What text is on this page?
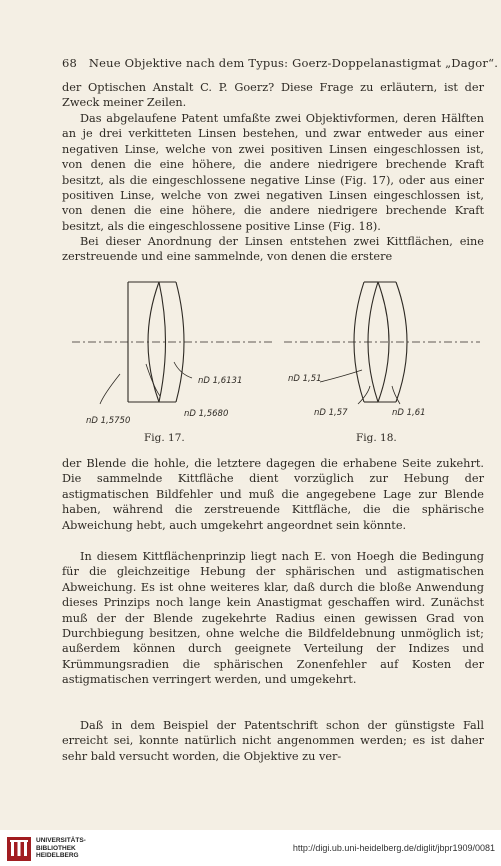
68 Neue Objektive nach dem Typus: Goerz-Doppelanastigmat „Dagor“.

der Optischen Anstalt C. P. Goerz? Diese Frage zu erläutern, ist der Zweck meiner Zeilen.

Das abgelaufene Patent umfaßte zwei Objektivformen, deren Hälften an je drei verkitteten Linsen bestehen, und zwar entweder aus einer negativen Linse, welche von zwei positiven Linsen eingeschlossen ist, von denen die eine höhere, die andere niedrigere brechende Kraft besitzt, als die eingeschlossene negative Linse (Fig. 17), oder aus einer positiven Linse, welche von zwei negativen Linsen eingeschlossen ist, von denen die eine höhere, die andere niedrigere brechende Kraft besitzt, als die eingeschlossene positive Linse (Fig. 18).

Bei dieser Anordnung der Linsen entstehen zwei Kittflächen, eine zerstreuende und eine sammelnde, von denen die erstere

nD 1,6131
nD 1,5680
nD 1,5750
Fig. 17.
nD 1,51
nD 1,57	nD 1,61
Fig. 18.

der Blende die hohle, die letztere dagegen die erhabene Seite zukehrt. Die sammelnde Kittfläche dient vorzüglich zur Hebung der astigmatischen Bildfehler und muß die angegebene Lage zur Blende haben, während die zerstreuende Kittfläche, die die sphärische Abweichung hebt, auch umgekehrt angeordnet sein könnte.

In diesem Kittflächenprinzip liegt nach E. von Hoegh die Bedingung für die gleichzeitige Hebung der sphärischen und astigmatischen Abweichung. Es ist ohne weiteres klar, daß durch die bloße Anwendung dieses Prinzips noch lange kein Anastigmat geschaffen wird. Zunächst muß der der Blende zugekehrte Radius einen gewissen Grad von Durchbiegung besitzen, ohne welche die Bildfeldebnung unmöglich ist; außerdem können durch geeignete Verteilung der Indizes und Krümmungsradien die sphärischen Zonenfehler auf Kosten der astigmatischen verringert werden, und umgekehrt.

Daß in dem Beispiel der Patentschrift schon der günstigste Fall erreicht sei, konnte natürlich nicht angenommen werden; es ist daher sehr bald versucht worden, die Objektive zu ver-

UNIVERSITÄTS-
BIBLIOTHEK
HEIDELBERG
http://digi.ub.uni-heidelberg.de/diglit/jbpr1909/0081
